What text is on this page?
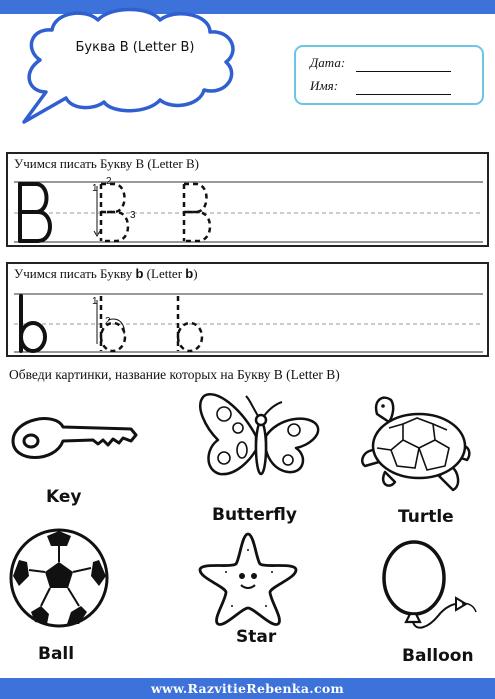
Буква B (Letter B)
Дата:
Имя:
Учимся писать Букву B (Letter B)
1
2
3
Учимся писать Букву b (Letter b)
1
2
Обведи картинки, название которых на Букву B (Letter B)
Key
Butterfly	Turtle
Ball
Star
Balloon
www.RazvitieRebenka.com
